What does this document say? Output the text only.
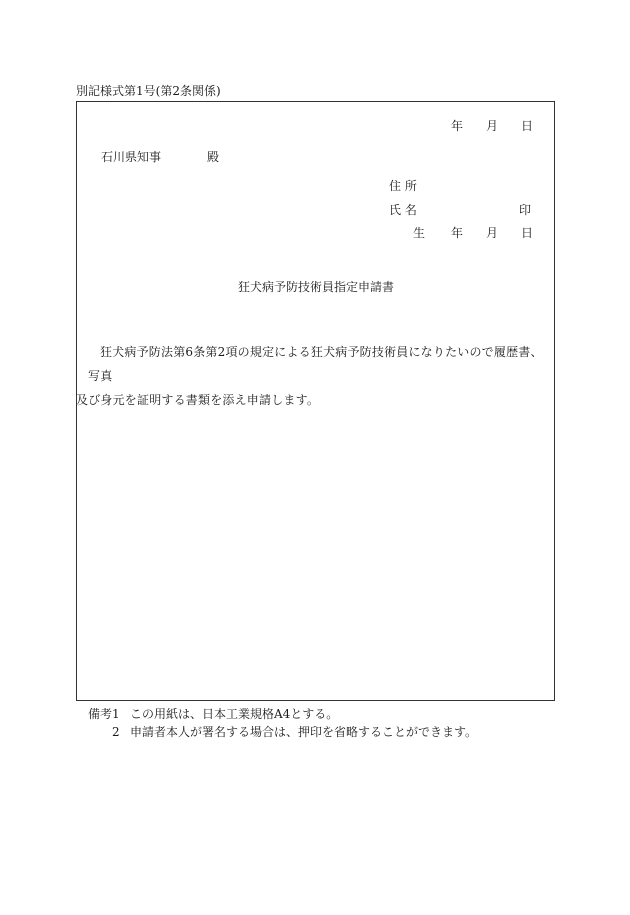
別記様式第1号(第2条関係)
年 月 日
石川県知事	殿
住 所
氏 名	印
生 年 月 日
狂犬病予防技術員指定申請書
狂犬病予防法第6条第2項の規定による狂犬病予防技術員になりたいので履歴書、写真
及び身元を証明する書類を添え申請します。
備考1 この用紙は、日本工業規格A4とする。
2 申請者本人が署名する場合は、押印を省略することができます。
